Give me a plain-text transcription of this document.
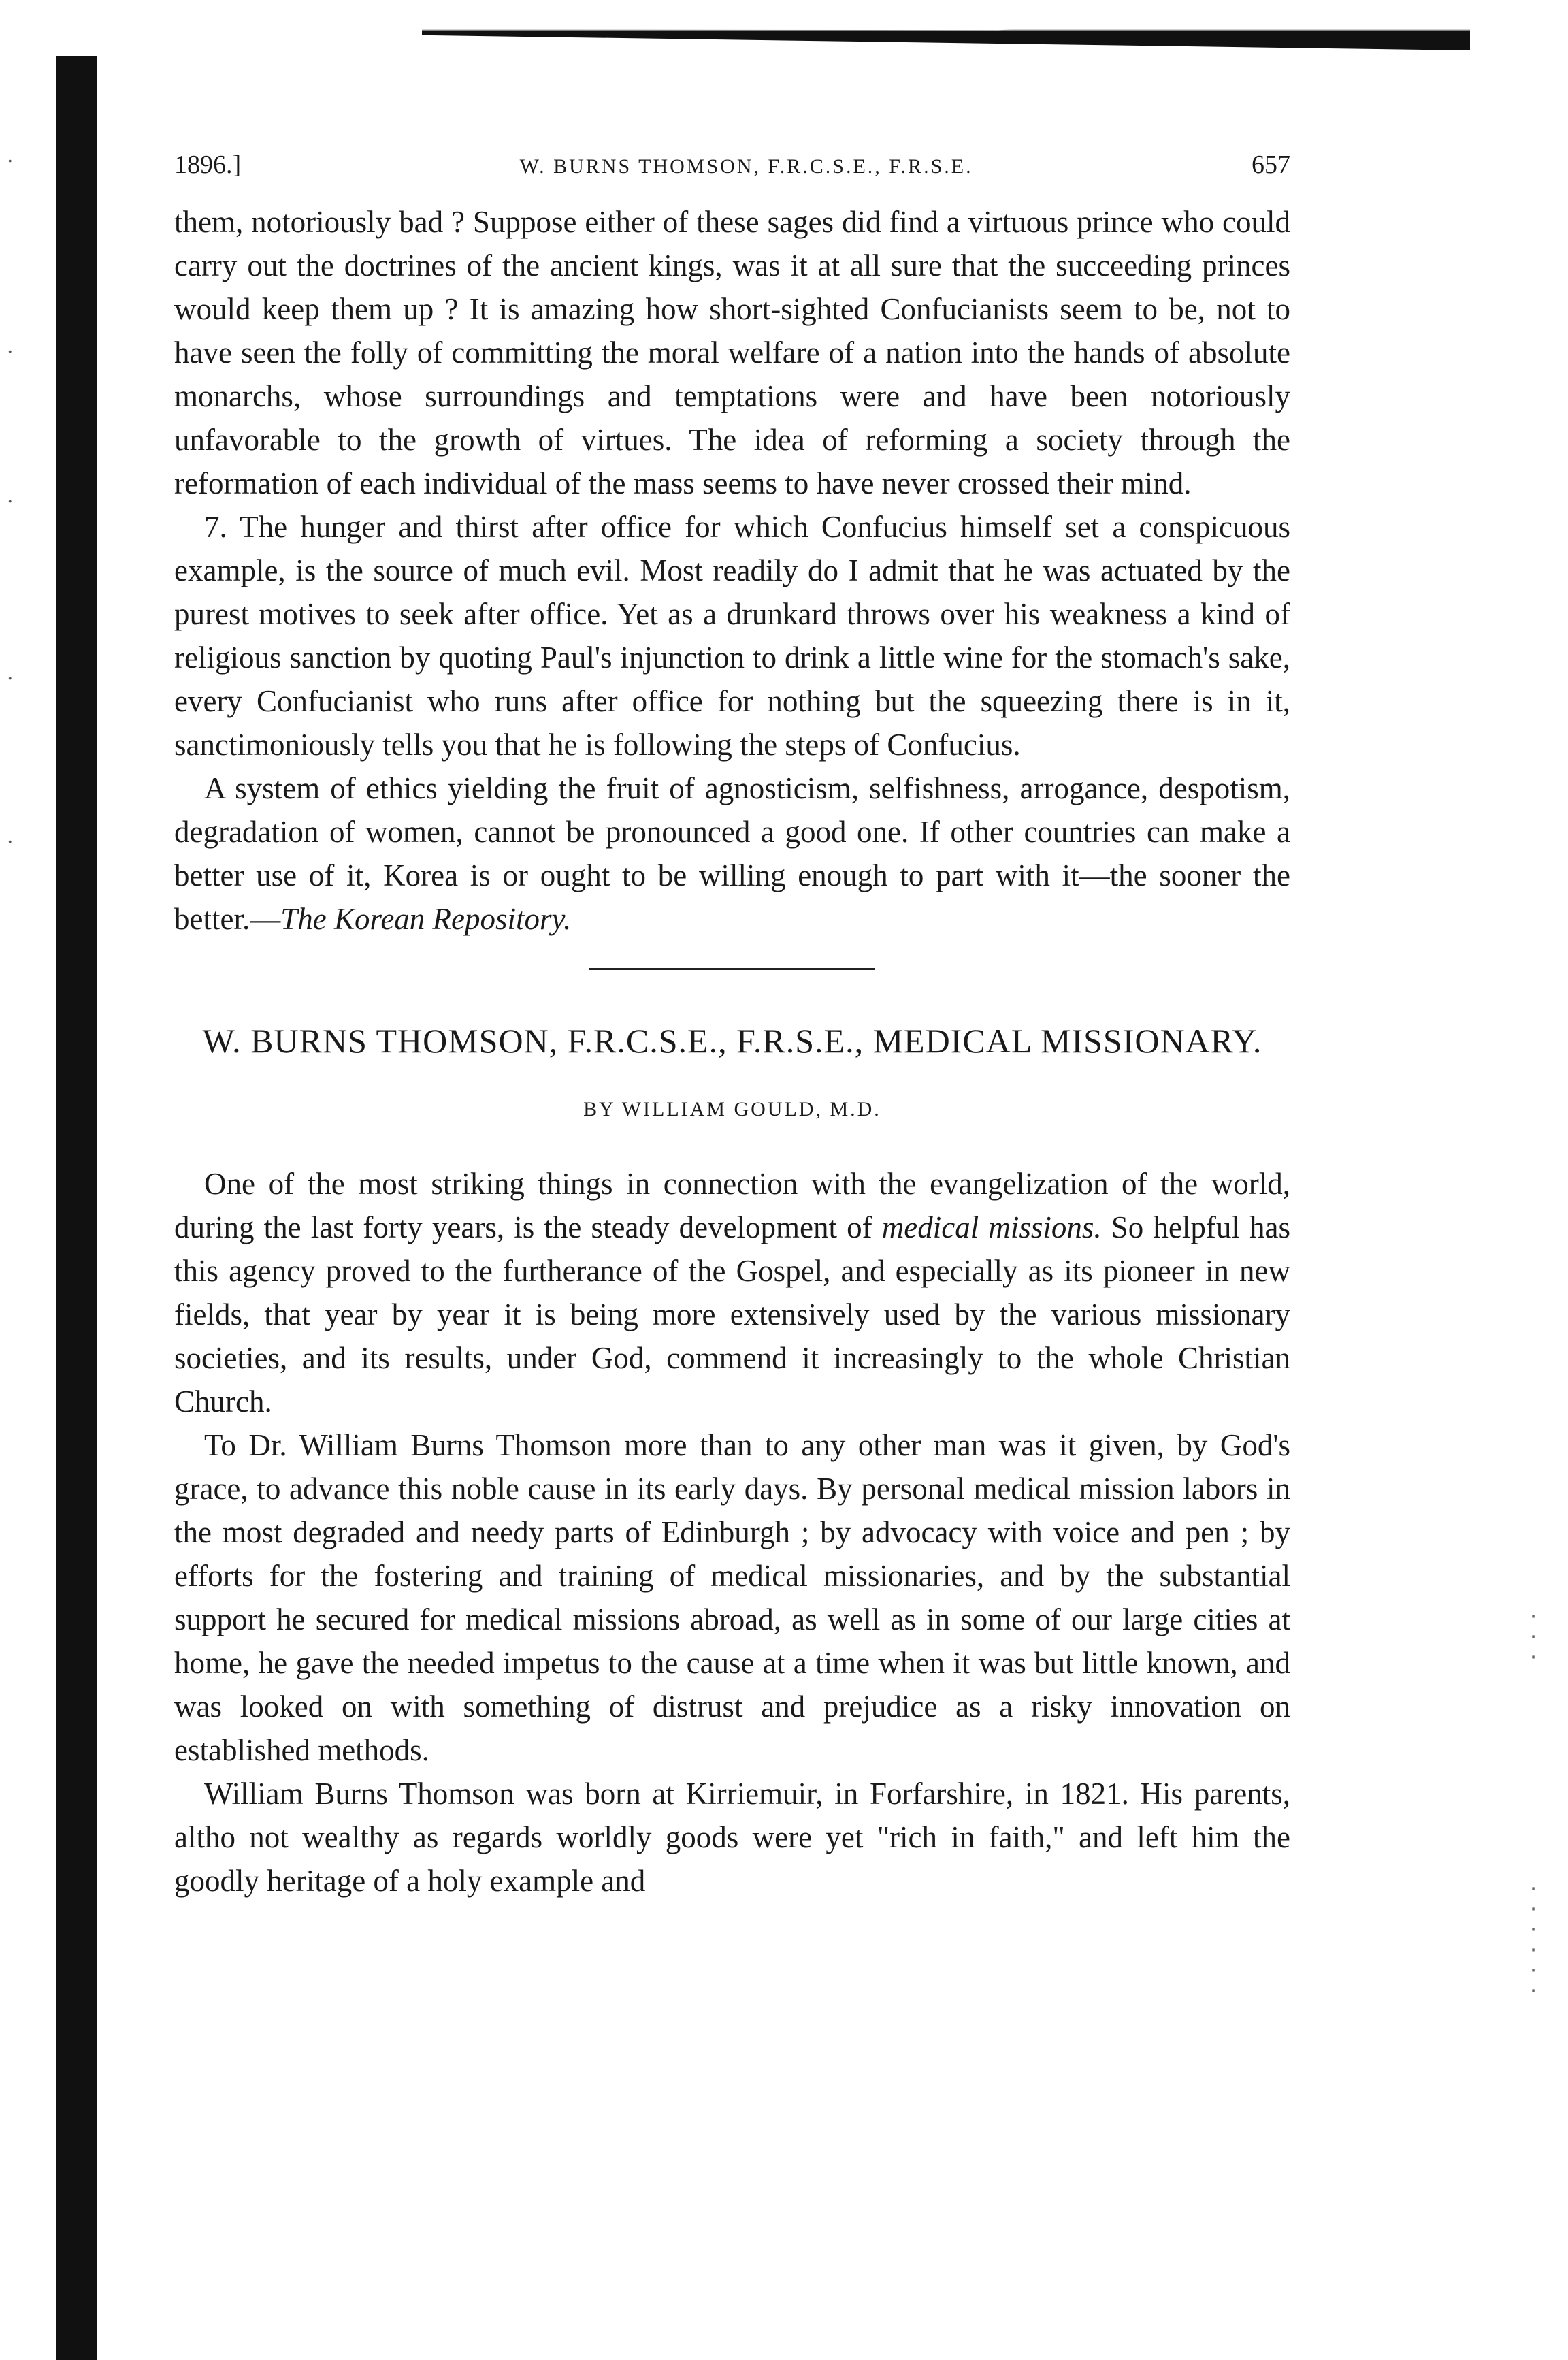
·
·
·
·
·
·
·
·
·
·
·
·
·
·
1896.]	W. BURNS THOMSON, F.R.C.S.E., F.R.S.E.	657

them, notoriously bad ? Suppose either of these sages did find a virtuous prince who could carry out the doctrines of the ancient kings, was it at all sure that the succeeding princes would keep them up ? It is amazing how short-sighted Confucianists seem to be, not to have seen the folly of committing the moral welfare of a nation into the hands of absolute monarchs, whose surroundings and temptations were and have been notoriously unfavorable to the growth of virtues. The idea of reforming a society through the reformation of each individual of the mass seems to have never crossed their mind.

7. The hunger and thirst after office for which Confucius himself set a conspicuous example, is the source of much evil. Most readily do I admit that he was actuated by the purest motives to seek after office. Yet as a drunkard throws over his weakness a kind of religious sanction by quoting Paul's injunction to drink a little wine for the stomach's sake, every Confucianist who runs after office for nothing but the squeezing there is in it, sanctimoniously tells you that he is following the steps of Confucius.

A system of ethics yielding the fruit of agnosticism, selfishness, arrogance, despotism, degradation of women, cannot be pronounced a good one. If other countries can make a better use of it, Korea is or ought to be willing enough to part with it—the sooner the better.—The Korean Repository.

W. BURNS THOMSON, F.R.C.S.E., F.R.S.E., MEDICAL MISSIONARY.
BY WILLIAM GOULD, M.D.

One of the most striking things in connection with the evangelization of the world, during the last forty years, is the steady development of medical missions. So helpful has this agency proved to the furtherance of the Gospel, and especially as its pioneer in new fields, that year by year it is being more extensively used by the various missionary societies, and its results, under God, commend it increasingly to the whole Christian Church.

To Dr. William Burns Thomson more than to any other man was it given, by God's grace, to advance this noble cause in its early days. By personal medical mission labors in the most degraded and needy parts of Edinburgh ; by advocacy with voice and pen ; by efforts for the fostering and training of medical missionaries, and by the substantial support he secured for medical missions abroad, as well as in some of our large cities at home, he gave the needed impetus to the cause at a time when it was but little known, and was looked on with something of distrust and prejudice as a risky innovation on established methods.

William Burns Thomson was born at Kirriemuir, in Forfarshire, in 1821. His parents, altho not wealthy as regards worldly goods were yet "rich in faith," and left him the goodly heritage of a holy example and
